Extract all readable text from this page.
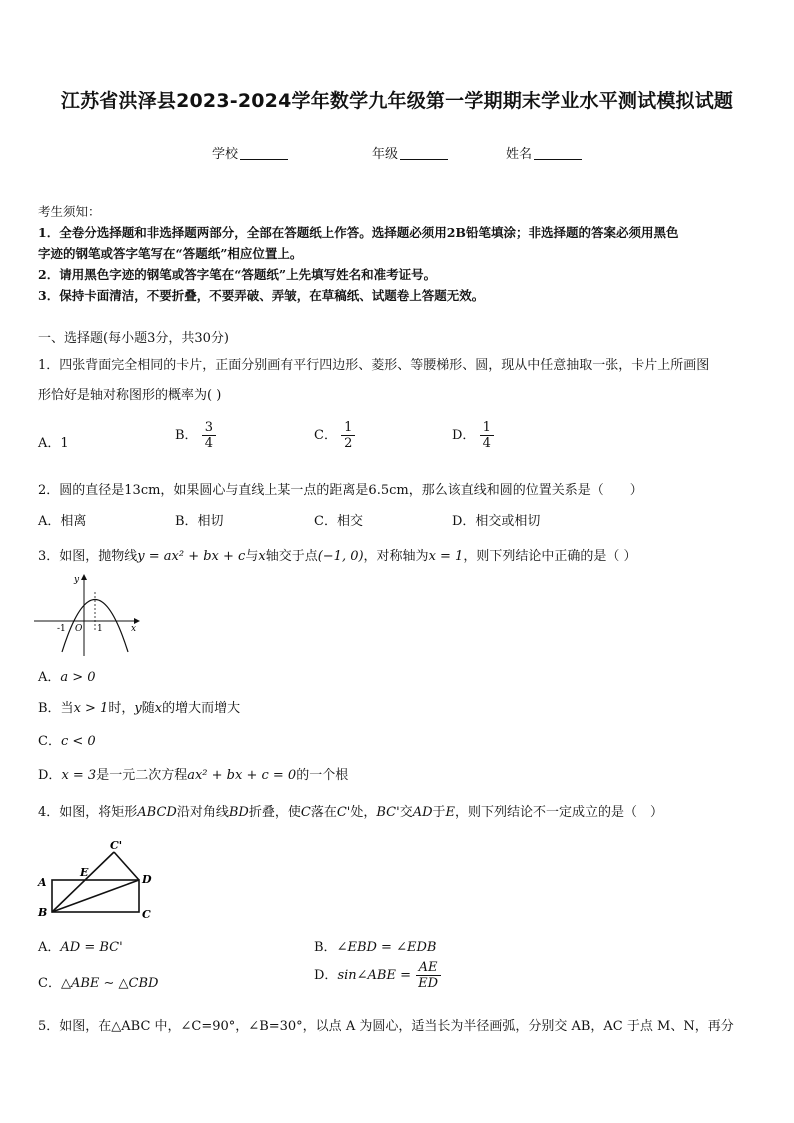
江苏省洪泽县2023-2024学年数学九年级第一学期期末学业水平测试模拟试题
学校	年级	姓名
考生须知：
1．全卷分选择题和非选择题两部分，全部在答题纸上作答。选择题必须用2B铅笔填涂；非选择题的答案必须用黑色
字迹的钢笔或答字笔写在“答题纸”相应位置上。
2．请用黑色字迹的钢笔或答字笔在“答题纸”上先填写姓名和准考证号。
3．保持卡面清洁，不要折叠，不要弄破、弄皱，在草稿纸、试题卷上答题无效。
一、选择题(每小题3分，共30分)
1．四张背面完全相同的卡片，正面分别画有平行四边形、菱形、等腰梯形、圆，现从中任意抽取一张，卡片上所画图
形恰好是轴对称图形的概率为( )
A．1
B． $\frac{3}{4}$	C． $\frac{1}{2}$	D． $\frac{1}{4}$
2．圆的直径是13cm，如果圆心与直线上某一点的距离是6.5cm，那么该直线和圆的位置关系是（　　）
A．相离	B．相切	C．相交	D．相交或相切
3．如图，抛物线y = ax² + bx + c与x轴交于点(−1, 0)，对称轴为x = 1，则下列结论中正确的是（ ）
y
x
-1 O 1
A．a > 0
B．当x > 1时，y随x的增大而增大
C．c < 0
D．x = 3是一元二次方程ax² + bx + c = 0的一个根
4．如图，将矩形ABCD沿对角线BD折叠，使C落在C'处，BC'交AD于E，则下列结论不一定成立的是（　）
C'
E
A	D
B	C
A．AD = BC'	B．∠EBD = ∠EDB
C．△ABE ∼ △CBD
D．sin∠ABE = $\frac{AE}{ED}$
5．如图，在△ABC 中，∠C=90°，∠B=30°，以点 A 为圆心，适当长为半径画弧，分别交 AB，AC 于点 M、N，再分
